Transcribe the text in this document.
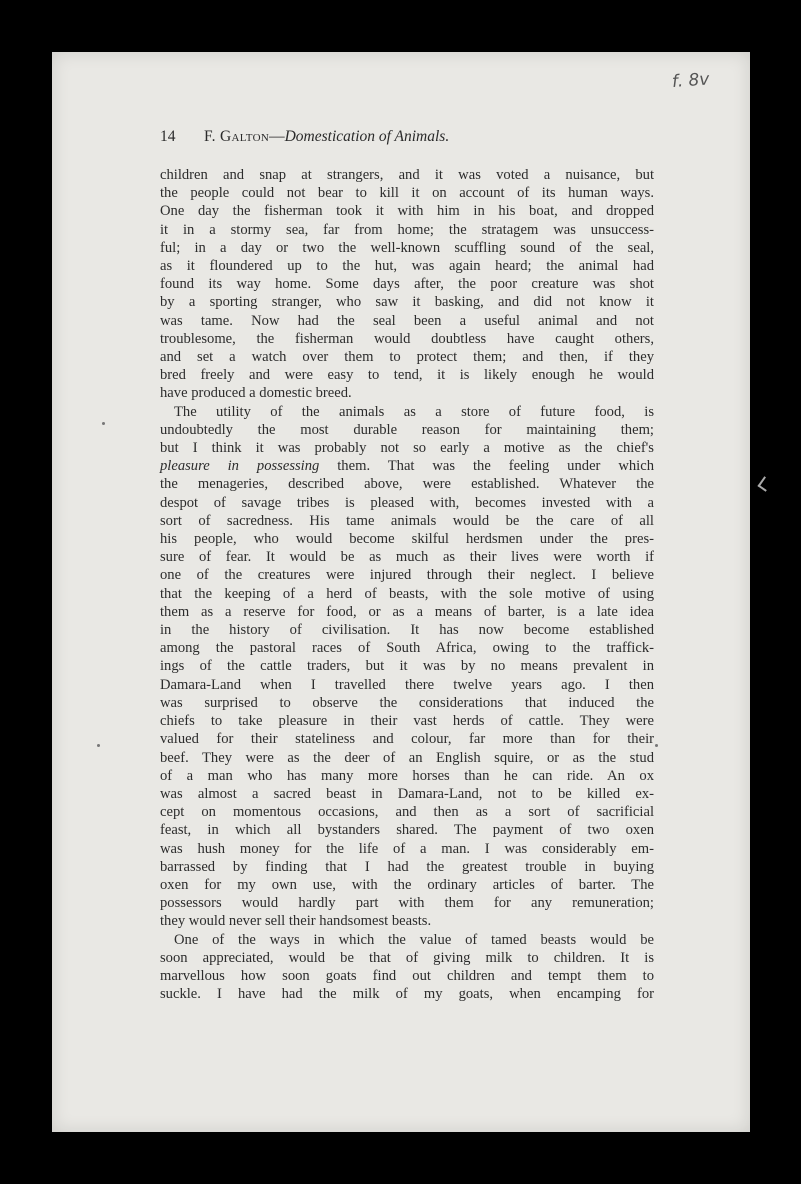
f. 8v
14 F. Galton—Domestication of Animals.
children and snap at strangers, and it was voted a nuisance, but
the people could not bear to kill it on account of its human ways.
One day the fisherman took it with him in his boat, and dropped
it in a stormy sea, far from home; the stratagem was unsuccess-
ful; in a day or two the well-known scuffling sound of the seal,
as it floundered up to the hut, was again heard; the animal had
found its way home. Some days after, the poor creature was shot
by a sporting stranger, who saw it basking, and did not know it
was tame. Now had the seal been a useful animal and not
troublesome, the fisherman would doubtless have caught others,
and set a watch over them to protect them; and then, if they
bred freely and were easy to tend, it is likely enough he would
have produced a domestic breed.
The utility of the animals as a store of future food, is
undoubtedly the most durable reason for maintaining them;
but I think it was probably not so early a motive as the chief's
pleasure in possessing them. That was the feeling under which
the menageries, described above, were established. Whatever the
despot of savage tribes is pleased with, becomes invested with a
sort of sacredness. His tame animals would be the care of all
his people, who would become skilful herdsmen under the pres-
sure of fear. It would be as much as their lives were worth if
one of the creatures were injured through their neglect. I believe
that the keeping of a herd of beasts, with the sole motive of using
them as a reserve for food, or as a means of barter, is a late idea
in the history of civilisation. It has now become established
among the pastoral races of South Africa, owing to the traffick-
ings of the cattle traders, but it was by no means prevalent in
Damara-Land when I travelled there twelve years ago. I then
was surprised to observe the considerations that induced the
chiefs to take pleasure in their vast herds of cattle. They were
valued for their stateliness and colour, far more than for their
beef. They were as the deer of an English squire, or as the stud
of a man who has many more horses than he can ride. An ox
was almost a sacred beast in Damara-Land, not to be killed ex-
cept on momentous occasions, and then as a sort of sacrificial
feast, in which all bystanders shared. The payment of two oxen
was hush money for the life of a man. I was considerably em-
barrassed by finding that I had the greatest trouble in buying
oxen for my own use, with the ordinary articles of barter. The
possessors would hardly part with them for any remuneration;
they would never sell their handsomest beasts.
One of the ways in which the value of tamed beasts would be
soon appreciated, would be that of giving milk to children. It is
marvellous how soon goats find out children and tempt them to
suckle. I have had the milk of my goats, when encamping for
